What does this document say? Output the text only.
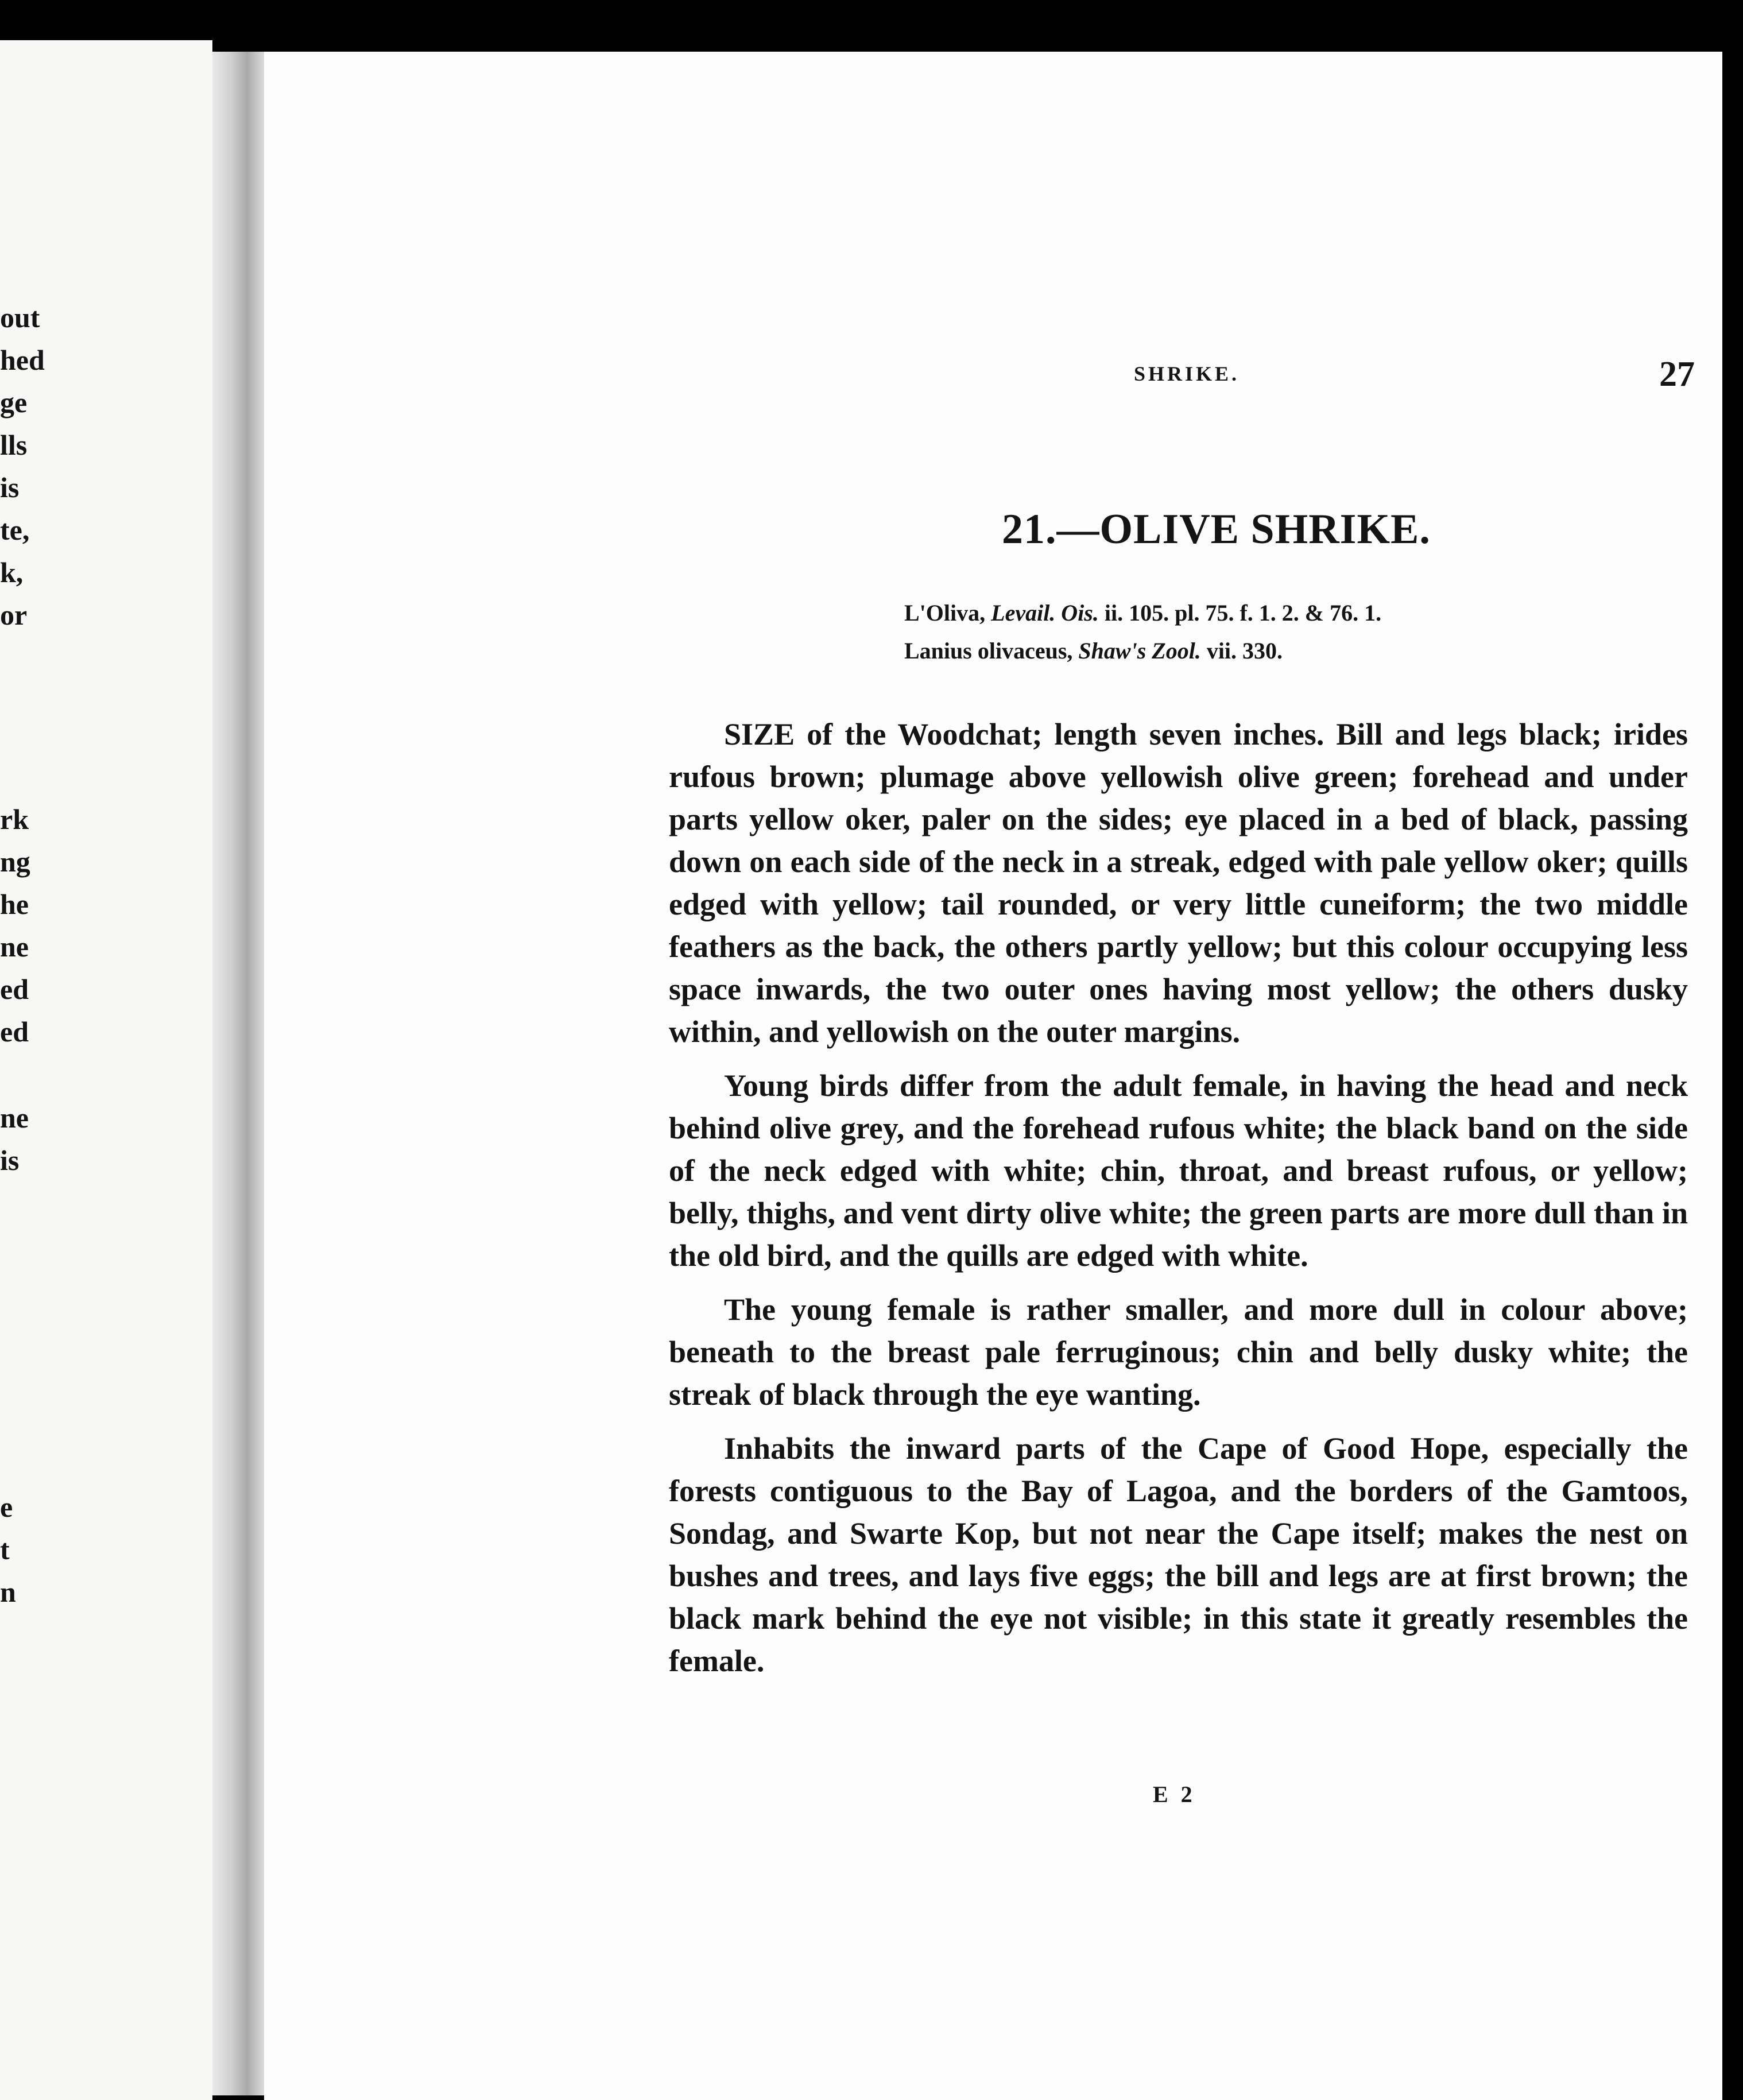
out
hed
ge
lls
is
te,
k,
or
rk
ng
he
ne
ed
ed
ne
is
e
t
n
SHRIKE.	27
21.—OLIVE SHRIKE.
L'Oliva, Levail. Ois. ii. 105. pl. 75. f. 1. 2. & 76. 1.
Lanius olivaceus, Shaw's Zool. vii. 330.

SIZE of the Woodchat; length seven inches. Bill and legs black; irides rufous brown; plumage above yellowish olive green; forehead and under parts yellow oker, paler on the sides; eye placed in a bed of black, passing down on each side of the neck in a streak, edged with pale yellow oker; quills edged with yellow; tail rounded, or very little cuneiform; the two middle feathers as the back, the others partly yellow; but this colour occupying less space inwards, the two outer ones having most yellow; the others dusky within, and yellowish on the outer margins.

Young birds differ from the adult female, in having the head and neck behind olive grey, and the forehead rufous white; the black band on the side of the neck edged with white; chin, throat, and breast rufous, or yellow; belly, thighs, and vent dirty olive white; the green parts are more dull than in the old bird, and the quills are edged with white.

The young female is rather smaller, and more dull in colour above; beneath to the breast pale ferruginous; chin and belly dusky white; the streak of black through the eye wanting.

Inhabits the inward parts of the Cape of Good Hope, especially the forests contiguous to the Bay of Lagoa, and the borders of the Gamtoos, Sondag, and Swarte Kop, but not near the Cape itself; makes the nest on bushes and trees, and lays five eggs; the bill and legs are at first brown; the black mark behind the eye not visible; in this state it greatly resembles the female.

E 2
